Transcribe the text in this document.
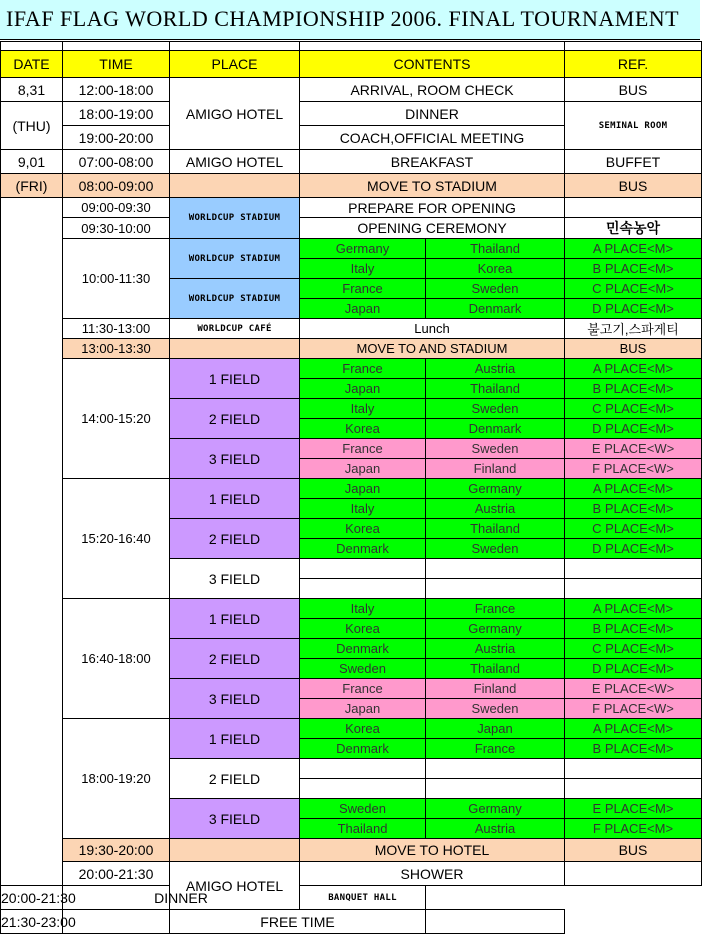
IFAF FLAG WORLD CHAMPIONSHIP 2006. FINAL TOURNAMENT

DATE	TIME	PLACE	CONTENTS		REF.
8,31	12:00-18:00	AMIGO HOTEL	ARRIVAL, ROOM CHECK		BUS
(THU)	18:00-19:00		DINNER		SEMINAL ROOM
	19:00-20:00		COACH,OFFICIAL MEETING		
9,01	07:00-08:00	AMIGO HOTEL	BREAKFAST		BUFFET
(FRI)	08:00-09:00		MOVE TO STADIUM		BUS
	09:00-09:30	WORLDCUP STADIUM	PREPARE FOR OPENING		
	09:30-10:00		OPENING CEREMONY		민속농악
	10:00-11:30	WORLDCUP STADIUM	Germany	Thailand	A PLACE<M>
			Italy	Korea	B PLACE<M>
		WORLDCUP STADIUM	France	Sweden	C PLACE<M>
			Japan	Denmark	D PLACE<M>
	11:30-13:00	WORLDCUP CAFÉ	Lunch		불고기,스파게티
	13:00-13:30		MOVE TO AND STADIUM		BUS
	14:00-15:20	1 FIELD	France	Austria	A PLACE<M>
			Japan	Thailand	B PLACE<M>
		2 FIELD	Italy	Sweden	C PLACE<M>
			Korea	Denmark	D PLACE<M>
		3 FIELD	France	Sweden	E PLACE<W>
			Japan	Finland	F PLACE<W>
	15:20-16:40	1 FIELD	Japan	Germany	A PLACE<M>
			Italy	Austria	B PLACE<M>
		2 FIELD	Korea	Thailand	C PLACE<M>
			Denmark	Sweden	D PLACE<M>
		3 FIELD			

	16:40-18:00	1 FIELD	Italy	France	A PLACE<M>
			Korea	Germany	B PLACE<M>
		2 FIELD	Denmark	Austria	C PLACE<M>
			Sweden	Thailand	D PLACE<M>
		3 FIELD	France	Finland	E PLACE<W>
			Japan	Sweden	F PLACE<W>
	18:00-19:20	1 FIELD	Korea	Japan	A PLACE<M>
			Denmark	France	B PLACE<M>
		2 FIELD			

		3 FIELD	Sweden	Germany	E PLACE<M>
			Thailand	Austria	F PLACE<M>
	19:30-20:00		MOVE TO HOTEL		BUS
	20:00-21:30	AMIGO HOTEL	SHOWER		
20:00-21:30	DINNER		BANQUET HALL		
21:30-23:00		FREE TIME			
